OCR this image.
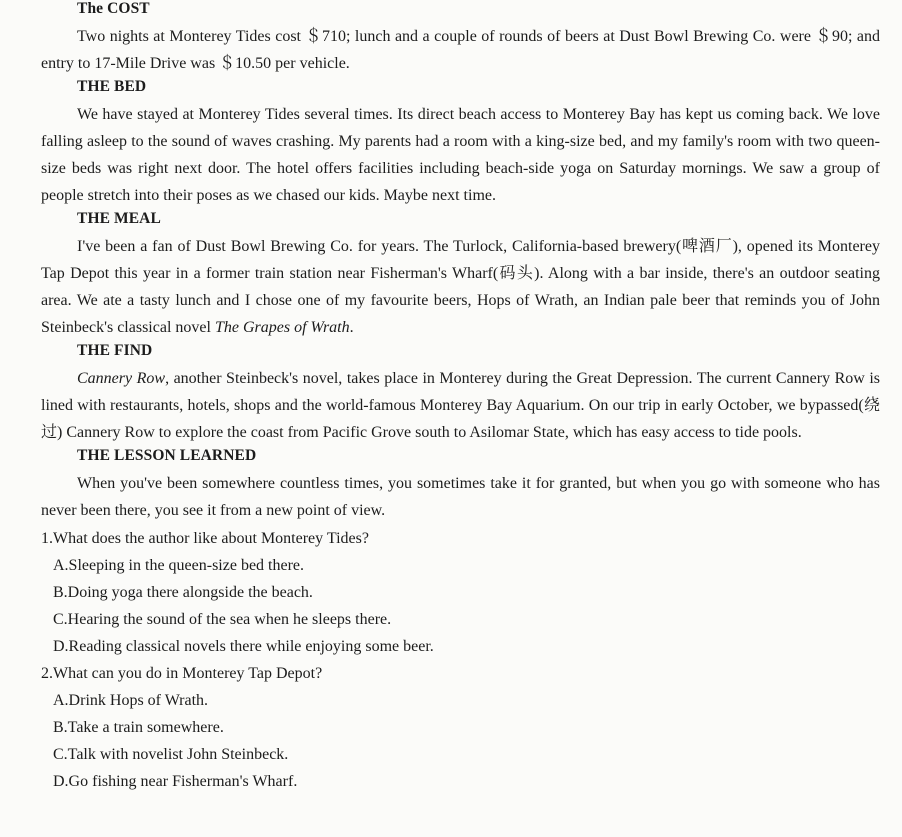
The COST

Two nights at Monterey Tides cost ＄710; lunch and a couple of rounds of beers at Dust Bowl Brewing Co. were ＄90; and entry to 17-Mile Drive was ＄10.50 per vehicle.

THE BED

We have stayed at Monterey Tides several times. Its direct beach access to Monterey Bay has kept us coming back. We love falling asleep to the sound of waves crashing. My parents had a room with a king-size bed, and my family's room with two queen-size beds was right next door. The hotel offers facilities including beach-side yoga on Saturday mornings. We saw a group of people stretch into their poses as we chased our kids. Maybe next time.

THE MEAL

I've been a fan of Dust Bowl Brewing Co. for years. The Turlock, California-based brewery(啤酒厂), opened its Monterey Tap Depot this year in a former train station near Fisherman's Wharf(码头). Along with a bar inside, there's an outdoor seating area. We ate a tasty lunch and I chose one of my favourite beers, Hops of Wrath, an Indian pale beer that reminds you of John Steinbeck's classical novel The Grapes of Wrath.

THE FIND

Cannery Row, another Steinbeck's novel, takes place in Monterey during the Great Depression. The current Cannery Row is lined with restaurants, hotels, shops and the world-famous Monterey Bay Aquarium. On our trip in early October, we bypassed(绕过) Cannery Row to explore the coast from Pacific Grove south to Asilomar State, which has easy access to tide pools.

THE LESSON LEARNED

When you've been somewhere countless times, you sometimes take it for granted, but when you go with someone who has never been there, you see it from a new point of view.

1.What does the author like about Monterey Tides?

A.Sleeping in the queen-size bed there.

B.Doing yoga there alongside the beach.

C.Hearing the sound of the sea when he sleeps there.

D.Reading classical novels there while enjoying some beer.

2.What can you do in Monterey Tap Depot?

A.Drink Hops of Wrath.

B.Take a train somewhere.

C.Talk with novelist John Steinbeck.

D.Go fishing near Fisherman's Wharf.
